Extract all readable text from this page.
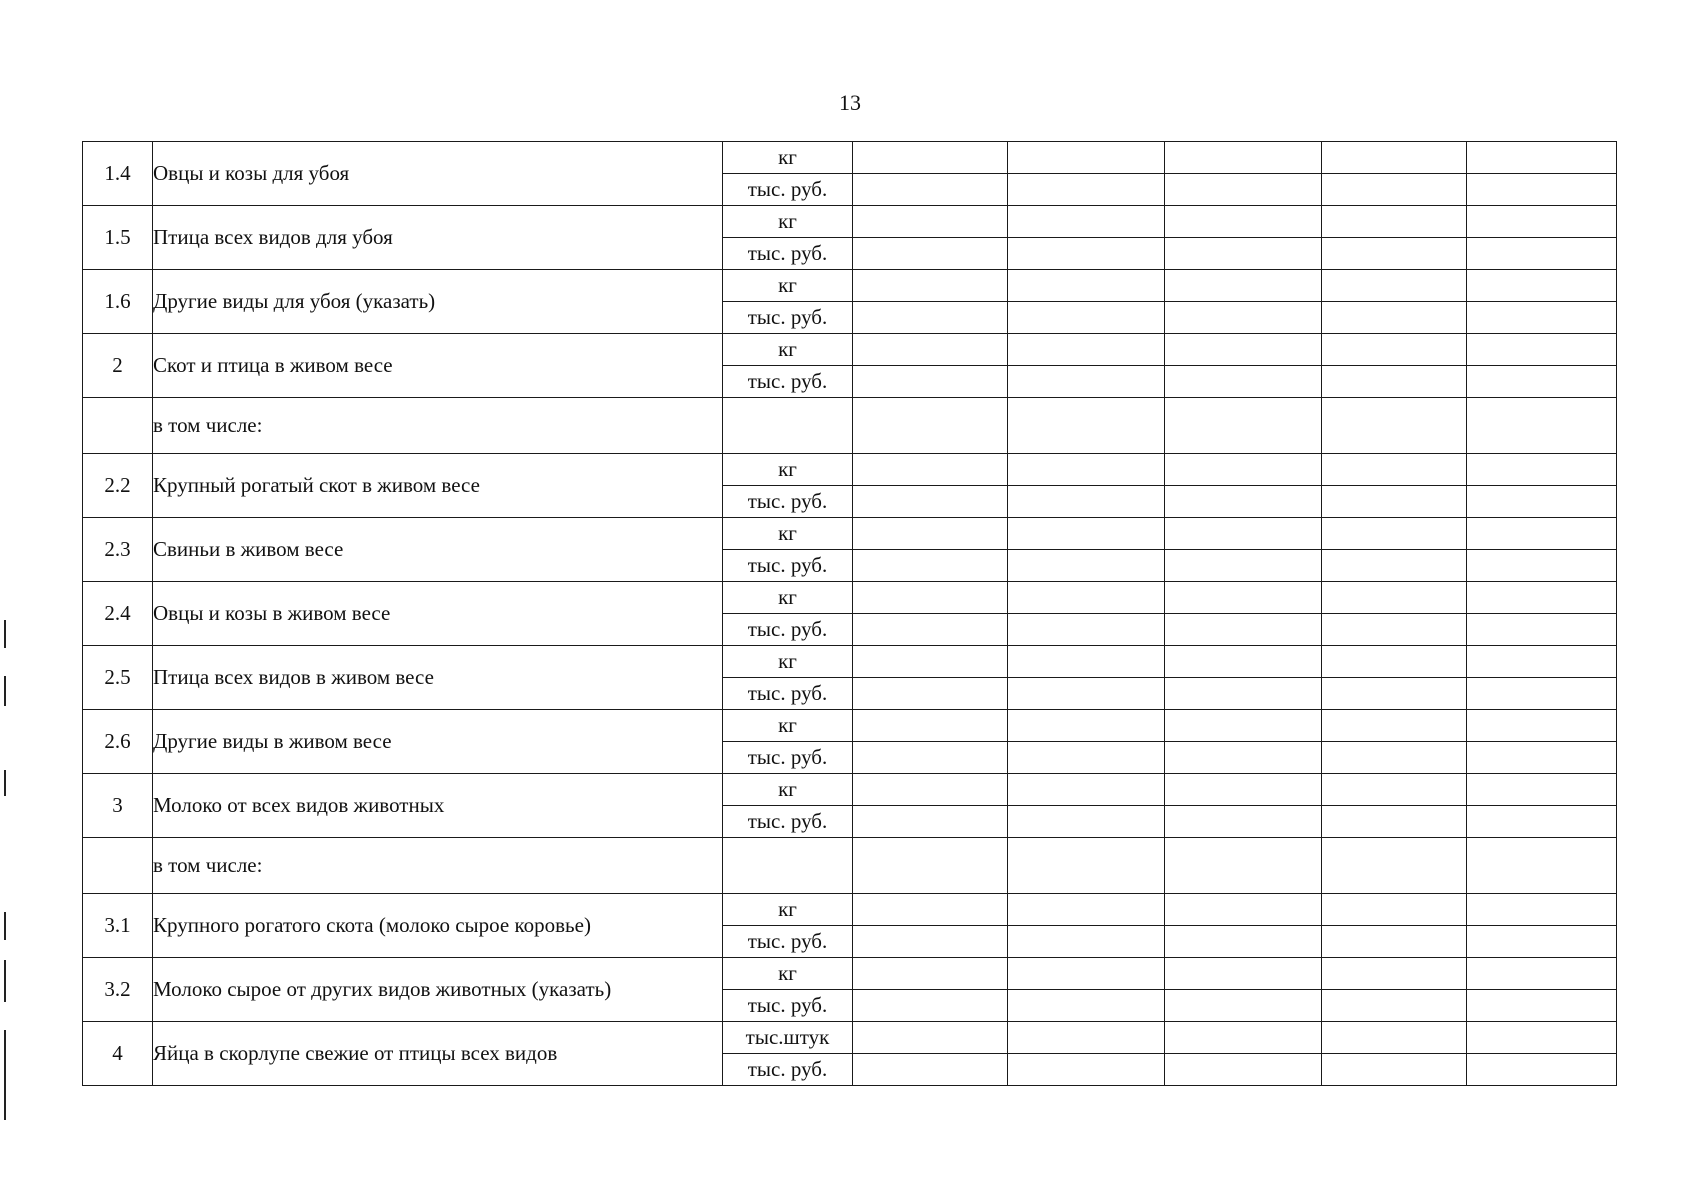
13
1.4	Овцы и козы для убоя	кг					
		тыс. руб.					
1.5	Птица всех видов для убоя	кг					
		тыс. руб.					
1.6	Другие виды для убоя (указать)	кг					
		тыс. руб.					
2	Скот и птица в живом весе	кг					
		тыс. руб.					
	в том числе:						
2.2	Крупный рогатый скот в живом весе	кг					
		тыс. руб.					
2.3	Свиньи в живом весе	кг					
		тыс. руб.					
2.4	Овцы и козы в живом весе	кг					
		тыс. руб.					
2.5	Птица всех видов в живом весе	кг					
		тыс. руб.					
2.6	Другие виды в живом весе	кг					
		тыс. руб.					
3	Молоко от всех видов животных	кг					
		тыс. руб.					
	в том числе:						
3.1	Крупного рогатого скота (молоко сырое коровье)	кг					
		тыс. руб.					
3.2	Молоко сырое от других видов животных (указать)	кг					
		тыс. руб.					
4	Яйца в скорлупе свежие от птицы всех видов	тыс.штук					
		тыс. руб.					
